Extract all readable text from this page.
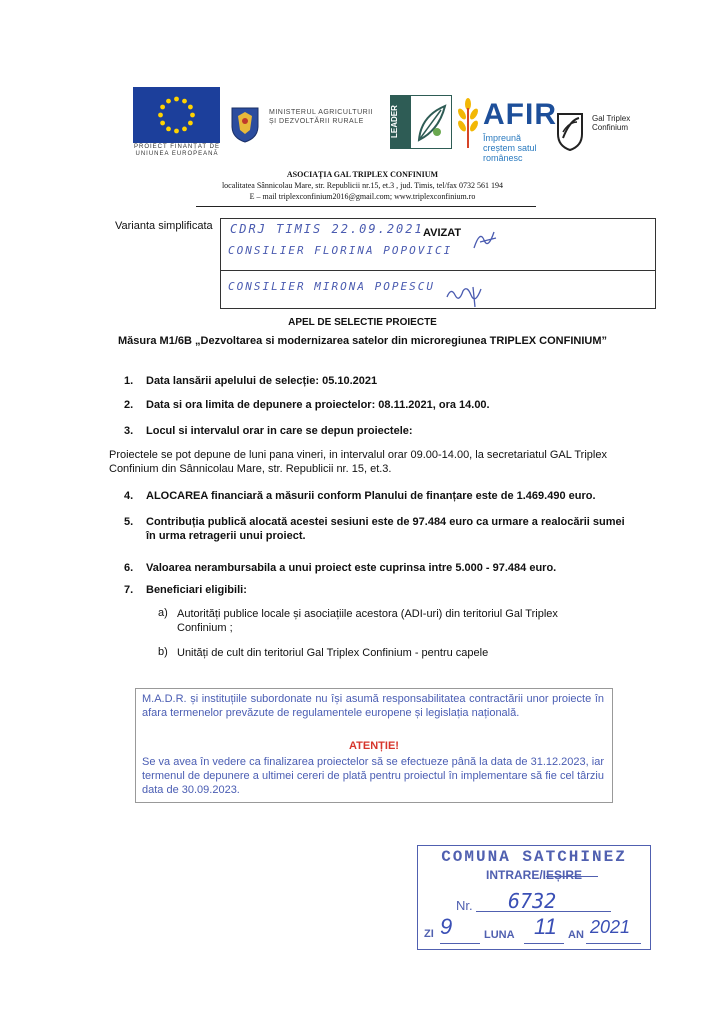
PROIECT FINANȚAT DE UNIUNEA EUROPEANĂ
MINISTERUL AGRICULTURII ȘI DEZVOLTĂRII RURALE	LEADER	AFIR
Împreună creștem satul românesc
Gal Triplex Confinium
ASOCIAȚIA GAL TRIPLEX CONFINIUM
localitatea Sânnicolau Mare, str. Republicii nr.15, et.3 , jud. Timis, tel/fax 0732 561 194
E – mail triplexconfinium2016@gmail.com; www.triplexconfinium.ro
Varianta simplificata CDRJ TIMIS 22.09.2021 AVIZAT
CONSILIER FLORINA POPOVICI
CONSILIER MIRONA POPESCU
APEL DE SELECTIE PROIECTE
Măsura M1/6B „Dezvoltarea si modernizarea satelor din microregiunea TRIPLEX CONFINIUM”
1. Data lansării apelului de selecție: 05.10.2021
2. Data si ora limita de depunere a proiectelor: 08.11.2021, ora 14.00.
3. Locul si intervalul orar in care se depun proiectele:
Proiectele se pot depune de luni pana vineri, in intervalul orar 09.00-14.00, la secretariatul GAL Triplex Confinium din Sânnicolau Mare, str. Republicii nr. 15, et.3.
4. ALOCAREA financiară a măsurii conform Planului de finanțare este de 1.469.490 euro.
5. Contribuția publică alocată acestei sesiuni este de 97.484 euro ca urmare a realocării sumei în urma retragerii unui proiect.
6. Valoarea nerambursabila a unui proiect este cuprinsa intre 5.000 - 97.484 euro.
7. Beneficiari eligibili:
a) Autorități publice locale și asociațiile acestora (ADI-uri) din teritoriul Gal Triplex Confinium ;
b) Unități de cult din teritoriul Gal Triplex Confinium - pentru capele
M.A.D.R. și instituțiile subordonate nu își asumă responsabilitatea contractării unor proiecte în afara termenelor prevăzute de regulamentele europene și legislația națională.
ATENȚIE!
Se va avea în vedere ca finalizarea proiectelor să se efectueze până la data de 31.12.2023, iar termenul de depunere a ultimei cereri de plată pentru proiectul în implementare să fie cel târziu data de 30.09.2023.
COMUNA SATCHINEZ
INTRARE/IEȘIRE
Nr. 6732
ZI 9	LUNA 11 AN 2021
